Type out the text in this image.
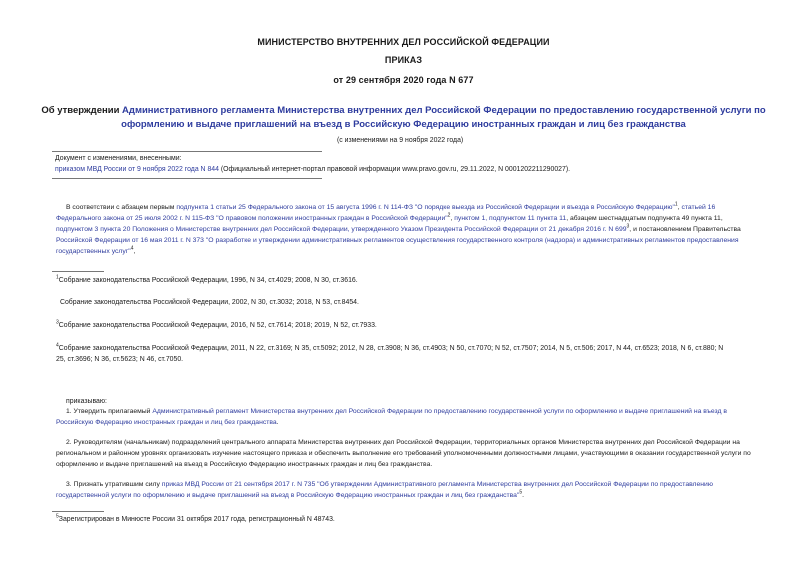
МИНИСТЕРСТВО ВНУТРЕННИХ ДЕЛ РОССИЙСКОЙ ФЕДЕРАЦИИ
ПРИКАЗ
от 29 сентября 2020 года N 677
Об утверждении Административного регламента Министерства внутренних дел Российской Федерации по предоставлению государственной услуги по
оформлению и выдаче приглашений на въезд в Российскую Федерацию иностранных граждан и лиц без гражданства
(с изменениями на 9 ноября 2022 года)
Документ с изменениями, внесенными:
приказом МВД России от 9 ноября 2022 года N 844 (Официальный интернет-портал правовой информации www.pravo.gov.ru, 29.11.2022, N 0001202211290027).
В соответствии с абзацем первым подпункта 1 статьи 25 Федерального закона от 15 августа 1996 г. N 114-ФЗ "О порядке выезда из Российской Федерации и въезда в Российскую Федерацию"$^1$, статьей 16
Федерального закона от 25 июля 2002 г. N 115-ФЗ "О правовом положении иностранных граждан в Российской Федерации"$^2$, пунктом 1, подпунктом 11 пункта 11, абзацем шестнадцатым подпункта 49 пункта 11,
подпунктом 3 пункта 20 Положения о Министерстве внутренних дел Российской Федерации, утвержденного Указом Президента Российской Федерации от 21 декабря 2016 г. N $699^3$, и постановлением Правительства
Российской Федерации от 16 мая 2011 г. N 373 "О разработке и утверждении административных регламентов осуществления государственного контроля (надзора) и административных регламентов предоставления
государственных услуг"$^4$,
$^1$Собрание законодательства Российской Федерации, 1996, N 34, ст.4029; 2008, N 30, ст.3616.
Собрание законодательства Российской Федерации, 2002, N 30, ст.3032; 2018, N 53, ст.8454.
$^3$Собрание законодательства Российской Федерации, 2016, N 52, ст.7614; 2018; 2019, N 52, ст.7933.
$^4$Собрание законодательства Российской Федерации, 2011, N 22, ст.3169; N 35, ст.5092; 2012, N 28, ст.3908; N 36, ст.4903; N 50, ст.7070; N 52, ст.7507; 2014, N 5, ст.506; 2017, N 44, ст.6523; 2018, N 6, ст.880; N
25, ст.3696; N 36, ст.5623; N 46, ст.7050.
приказываю:
1. Утвердить прилагаемый Административный регламент Министерства внутренних дел Российской Федерации по предоставлению государственной услуги по оформлению и выдаче приглашений на въезд в
Российскую Федерацию иностранных граждан и лиц без гражданства.
2. Руководителям (начальникам) подразделений центрального аппарата Министерства внутренних дел Российской Федерации, территориальных органов Министерства внутренних дел Российской Федерации на
региональном и районном уровнях организовать изучение настоящего приказа и обеспечить выполнение его требований уполномоченными должностными лицами, участвующими в оказании государственной услуги по
оформлению и выдаче приглашений на въезд в Российскую Федерацию иностранных граждан и лиц без гражданства.
3. Признать утратившим силу приказ МВД России от 21 сентября 2017 г. N 735 "Об утверждении Административного регламента Министерства внутренних дел Российской Федерации по предоставлению
государственной услуги по оформлению и выдаче приглашений на въезд в Российскую Федерацию иностранных граждан и лиц без гражданства"$^5$.
$^5$Зарегистрирован в Минюсте России 31 октября 2017 года, регистрационный N 48743.
